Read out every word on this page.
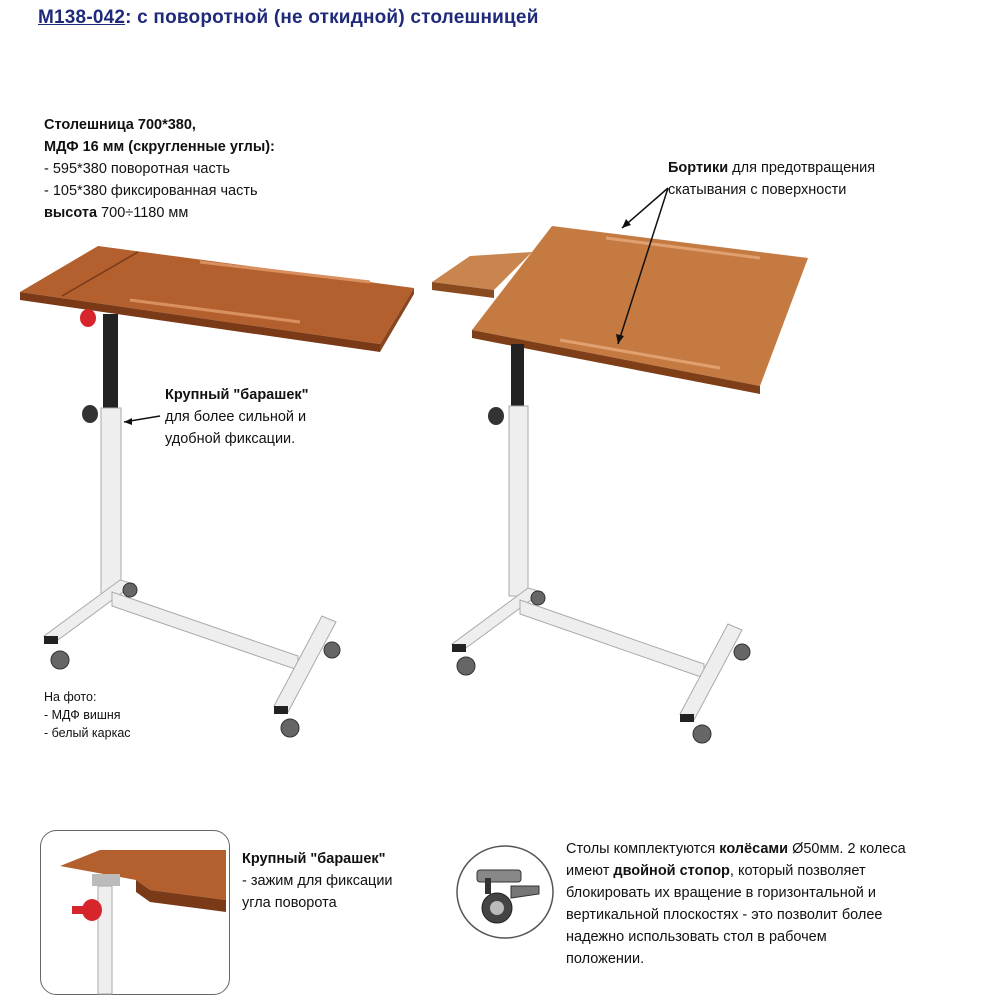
M138-042: с поворотной (не откидной) столешницей
Столешница 700*380,
МДФ 16 мм (скругленные углы):
- 595*380 поворотная часть
- 105*380 фиксированная часть
высота 700÷1180 мм
Крупный "барашек"
для более сильной и
удобной фиксации.
Бортики для предотвращения
скатывания с поверхности
На фото:
- МДФ вишня
- белый каркас
Крупный "барашек"
- зажим для фиксации
угла поворота
Столы комплектуются колёсами Ø50мм. 2 колеса
имеют двойной стопор, который позволяет
блокировать их вращение в горизонтальной и
вертикальной плоскостях - это позволит более
надежно использовать стол в рабочем
положении.
